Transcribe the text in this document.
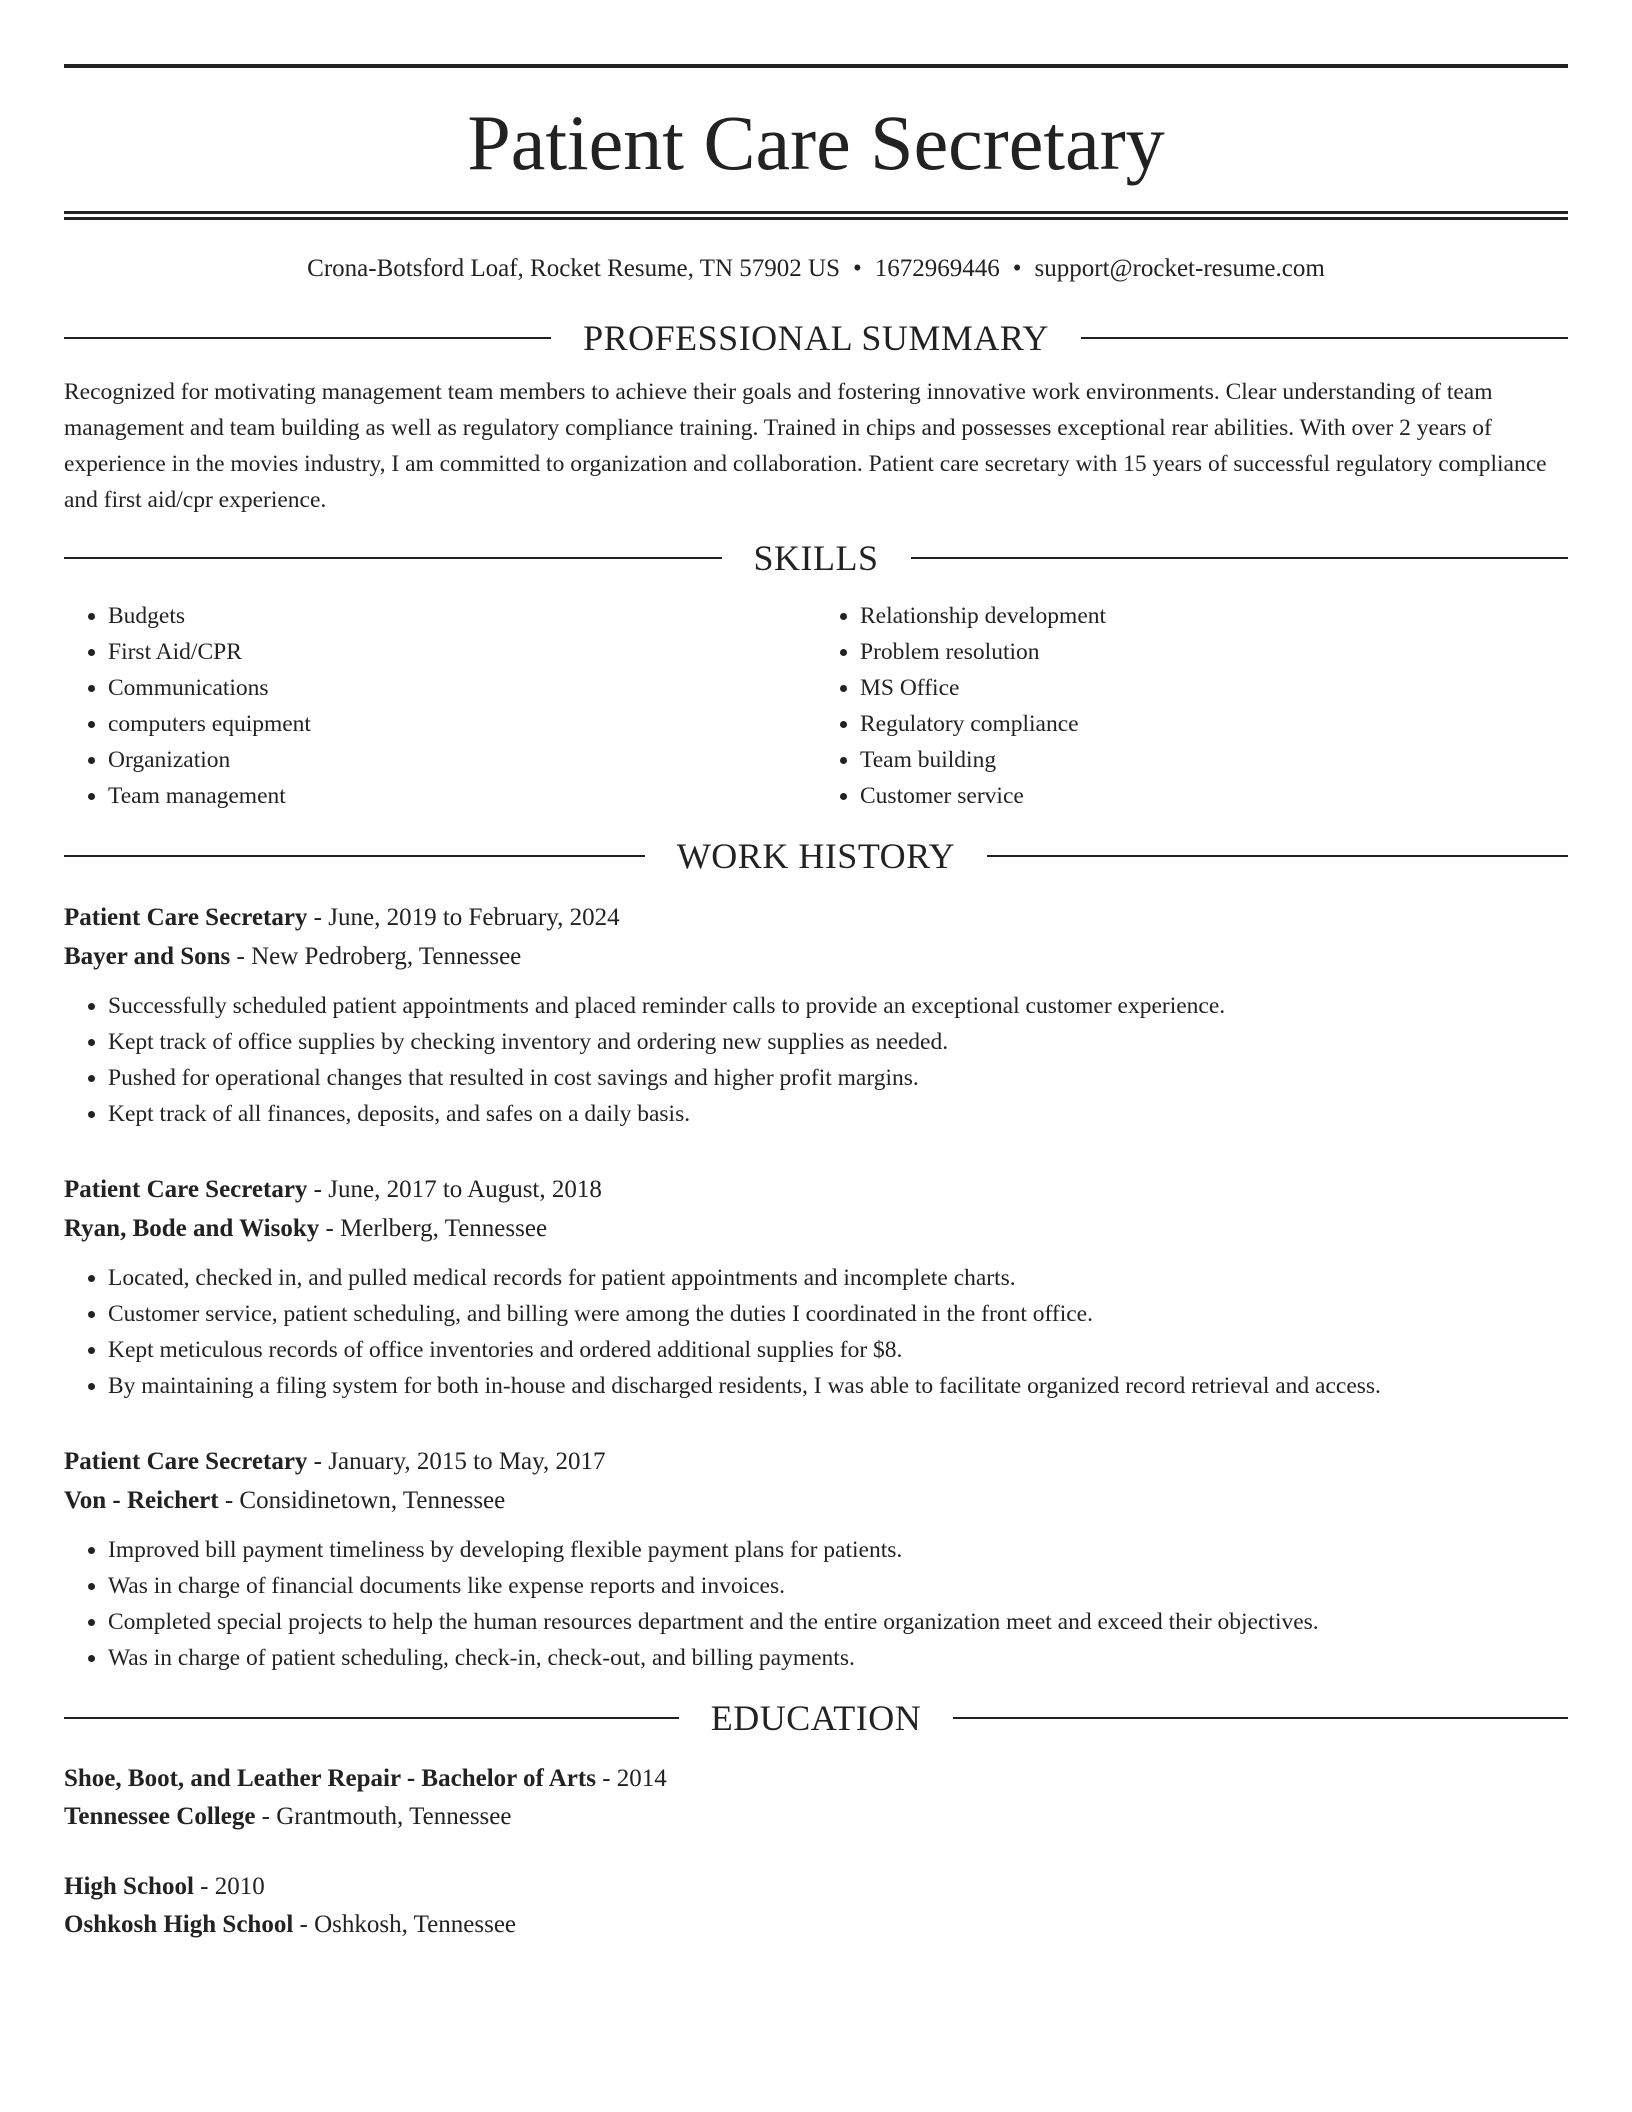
Patient Care Secretary
Crona-Botsford Loaf, Rocket Resume, TN 57902 US • 1672969446 • support@rocket-resume.com
PROFESSIONAL SUMMARY
Recognized for motivating management team members to achieve their goals and fostering innovative work environments. Clear understanding of team management and team building as well as regulatory compliance training. Trained in chips and possesses exceptional rear abilities. With over 2 years of experience in the movies industry, I am committed to organization and collaboration. Patient care secretary with 15 years of successful regulatory compliance and first aid/cpr experience.
SKILLS
• Budgets
• First Aid/CPR
• Communications
• computers equipment
• Organization
• Team management
• Relationship development
• Problem resolution
• MS Office
• Regulatory compliance
• Team building
• Customer service
WORK HISTORY
Patient Care Secretary - June, 2019 to February, 2024
Bayer and Sons - New Pedroberg, Tennessee
• Successfully scheduled patient appointments and placed reminder calls to provide an exceptional customer experience.
• Kept track of office supplies by checking inventory and ordering new supplies as needed.
• Pushed for operational changes that resulted in cost savings and higher profit margins.
• Kept track of all finances, deposits, and safes on a daily basis.
Patient Care Secretary - June, 2017 to August, 2018
Ryan, Bode and Wisoky - Merlberg, Tennessee
• Located, checked in, and pulled medical records for patient appointments and incomplete charts.
• Customer service, patient scheduling, and billing were among the duties I coordinated in the front office.
• Kept meticulous records of office inventories and ordered additional supplies for $8.
• By maintaining a filing system for both in-house and discharged residents, I was able to facilitate organized record retrieval and access.
Patient Care Secretary - January, 2015 to May, 2017
Von - Reichert - Considinetown, Tennessee
• Improved bill payment timeliness by developing flexible payment plans for patients.
• Was in charge of financial documents like expense reports and invoices.
• Completed special projects to help the human resources department and the entire organization meet and exceed their objectives.
• Was in charge of patient scheduling, check-in, check-out, and billing payments.
EDUCATION
Shoe, Boot, and Leather Repair - Bachelor of Arts - 2014
Tennessee College - Grantmouth, Tennessee
High School - 2010
Oshkosh High School - Oshkosh, Tennessee
